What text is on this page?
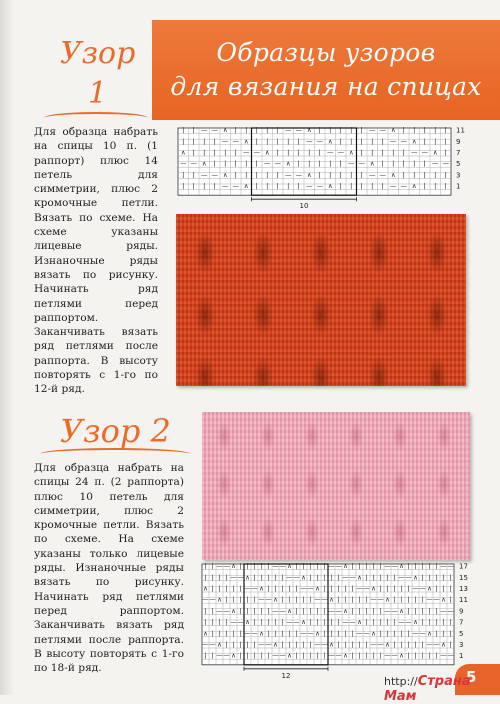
Образцы узоров
для вязания на спицах
Узор
1
Для образца набрать на спицы 10 п. (1 раппорт) плюс 14 петель для симметрии, плюс 2 кромочные петли. Вязать по схеме. На схеме указаны лицевые ряды. Изнаночные ряды вязать по рисунку. Начинать ряд петлями перед раппортом. Заканчивать вязать ряд петлями после раппорта. В высоту повторять с 1-го по 12-й ряд.
| | — — ∧ | | | | | — — ∧ | | | | | — — ∧ | | | | |
| | | | — — ∧ | | | | | — — ∧ | | | | | — — ∧ | | |
∧ | | | | | — — ∧ | | | | | — — ∧ | | | | | — — ∧ |
— — ∧ | | | | | — — ∧ | | | | | — — ∧ | | | | | — —
| | — — ∧ | | | | | — — ∧ | | | | | — — ∧ | | | | |
| | | | — — ∧ | | | | | — — ∧ | | | | | — — ∧ | | |
11
9
7
5
3
1
10
Узор 2
Для образца набрать на спицы 24 п. (2 раппорта) плюс 10 петель для симметрии, плюс 2 кромочные петли. Вязать по схеме. На схеме указаны только лицевые ряды. Изнаночные ряды вязать по рисунку. Начинать ряд петлями перед раппортом. Заканчивать вязать ряд петлями после раппорта. В высоту повторять с 1-го по 18-й ряд.
| | — — ∧ | | | | | — — ∧ | | | | | — — ∧ | | | | | — — ∧ | | | | | — —
| | | | — — ∧ | | | | | — — ∧ | | | | | — — ∧ | | | | | — — ∧ | | | | |
∧ | | | | | — — ∧ | | | | | — — ∧ | | | | | — — ∧ | | | | | — — ∧ | | |
— — ∧ | | | | | — — ∧ | | | | | — — ∧ | | | | | — — ∧ | | | | | — — ∧ |
| | — — ∧ | | | | | — — ∧ | | | | | — — ∧ | | | | | — — ∧ | | | | | — —
| | | | — — ∧ | | | | | — — ∧ | | | | | — — ∧ | | | | | — — ∧ | | | | |
∧ | | | | | — — ∧ | | | | | — — ∧ | | | | | — — ∧ | | | | | — — ∧ | | |
— — ∧ | | | | | — — ∧ | | | | | — — ∧ | | | | | — — ∧ | | | | | — — ∧ |
| | — — ∧ | | | | | — — ∧ | | | | | — — ∧ | | | | | — — ∧ | | | | | — —
17
15
13
11
9
7
5
3
1
12	5
http://Страна Мам
